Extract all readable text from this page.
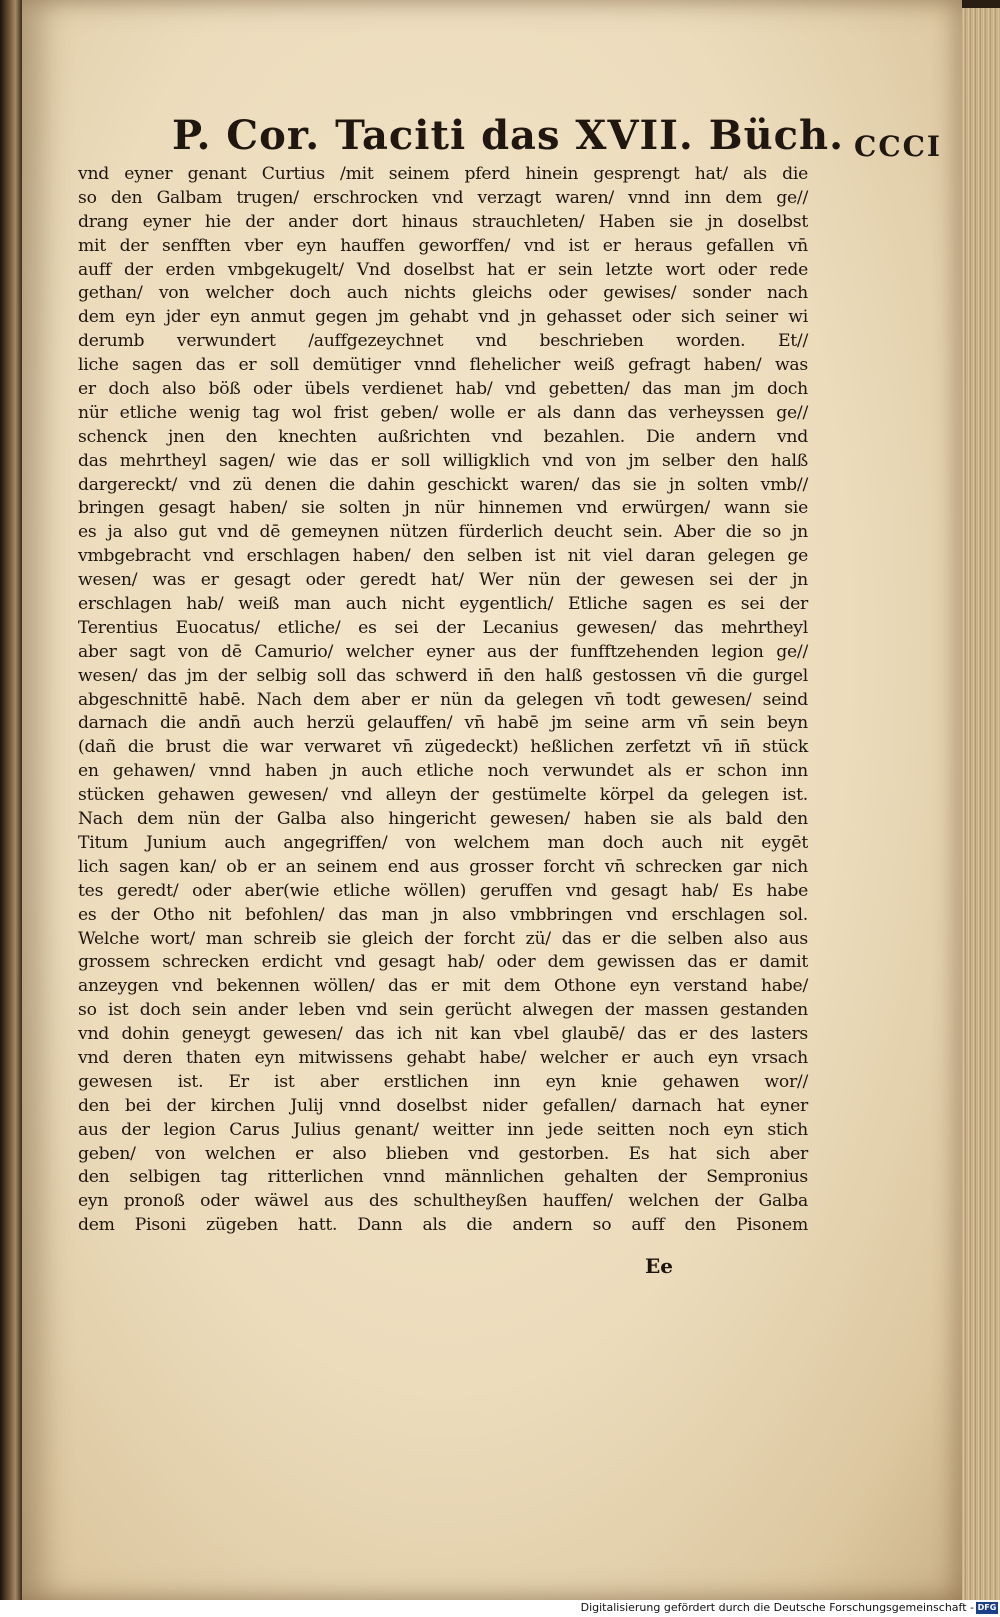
P. Cor. Taciti das XVII. Büch. CCCI
vnd eyner genant Curtius /mit seinem pferd hinein gesprengt hat/ als die
so den Galbam trugen/ erschrocken vnd verzagt waren/ vnnd inn dem ge//
drang eyner hie der ander dort hinaus strauchleten/ Haben sie jn doselbst
mit der senfften vber eyn hauffen geworffen/ vnd ist er heraus gefallen vn̄
auff der erden vmbgekugelt/ Vnd doselbst hat er sein letzte wort oder rede
gethan/ von welcher doch auch nichts gleichs oder gewises/ sonder nach
dem eyn jder eyn anmut gegen jm gehabt vnd jn gehasset oder sich seiner wi
derumb verwundert /auffgezeychnet vnd beschrieben worden. Et//
liche sagen das er soll demütiger vnnd flehelicher weiß gefragt haben/ was
er doch also böß oder übels verdienet hab/ vnd gebetten/ das man jm doch
nür etliche wenig tag wol frist geben/ wolle er als dann das verheyssen ge//
schenck jnen den knechten außrichten vnd bezahlen. Die andern vnd
das mehrtheyl sagen/ wie das er soll willigklich vnd von jm selber den halß
dargereckt/ vnd zü denen die dahin geschickt waren/ das sie jn solten vmb//
bringen gesagt haben/ sie solten jn nür hinnemen vnd erwürgen/ wann sie
es ja also gut vnd dē gemeynen nützen fürderlich deucht sein. Aber die so jn
vmbgebracht vnd erschlagen haben/ den selben ist nit viel daran gelegen ge
wesen/ was er gesagt oder geredt hat/ Wer nün der gewesen sei der jn
erschlagen hab/ weiß man auch nicht eygentlich/ Etliche sagen es sei der
Terentius Euocatus/ etliche/ es sei der Lecanius gewesen/ das mehrtheyl
aber sagt von dē Camurio/ welcher eyner aus der funfftzehenden legion ge//
wesen/ das jm der selbig soll das schwerd in̄ den halß gestossen vn̄ die gurgel
abgeschnittē habē. Nach dem aber er nün da gelegen vn̄ todt gewesen/ seind
darnach die andn̄ auch herzü gelauffen/ vn̄ habē jm seine arm vn̄ sein beyn
(dañ die brust die war verwaret vn̄ zügedeckt) heßlichen zerfetzt vn̄ in̄ stück
en gehawen/ vnnd haben jn auch etliche noch verwundet als er schon inn
stücken gehawen gewesen/ vnd alleyn der gestümelte körpel da gelegen ist.
Nach dem nün der Galba also hingericht gewesen/ haben sie als bald den
Titum Junium auch angegriffen/ von welchem man doch auch nit eygēt
lich sagen kan/ ob er an seinem end aus grosser forcht vn̄ schrecken gar nich
tes geredt/ oder aber(wie etliche wöllen) geruffen vnd gesagt hab/ Es habe
es der Otho nit befohlen/ das man jn also vmbbringen vnd erschlagen sol.
Welche wort/ man schreib sie gleich der forcht zü/ das er die selben also aus
grossem schrecken erdicht vnd gesagt hab/ oder dem gewissen das er damit
anzeygen vnd bekennen wöllen/ das er mit dem Othone eyn verstand habe/
so ist doch sein ander leben vnd sein gerücht alwegen der massen gestanden
vnd dohin geneygt gewesen/ das ich nit kan vbel glaubē/ das er des lasters
vnd deren thaten eyn mitwissens gehabt habe/ welcher er auch eyn vrsach
gewesen ist. Er ist aber erstlichen inn eyn knie gehawen wor//
den bei der kirchen Julij vnnd doselbst nider gefallen/ darnach hat eyner
aus der legion Carus Julius genant/ weitter inn jede seitten noch eyn stich
geben/ von welchen er also blieben vnd gestorben. Es hat sich aber
den selbigen tag ritterlichen vnnd männlichen gehalten der Sempronius
eyn pronoß oder wäwel aus des schultheyßen hauffen/ welchen der Galba
dem Pisoni zügeben hatt. Dann als die andern so auff den Pisonem
Ee
Digitalisierung gefördert durch die Deutsche Forschungsgemeinschaft - DFG
